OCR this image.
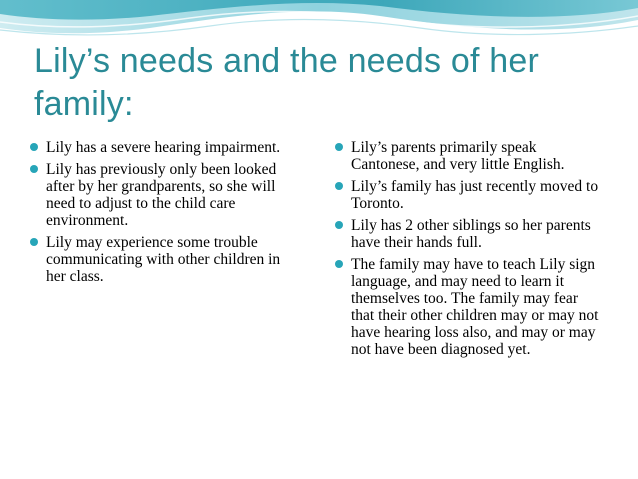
Lily’s needs and the needs of her family:
Lily has a severe hearing impairment.
Lily has previously only been looked after by her grandparents, so she will need to adjust to the child care environment.
Lily may experience some trouble communicating with other children in her class.
Lily’s parents primarily speak Cantonese, and very little English.
Lily’s family has just recently moved to Toronto.
Lily has 2 other siblings so her parents have their hands full.
The family may have to teach Lily sign language, and may need to learn it themselves too. The family may fear that their other children may or may not have hearing loss also, and may or may not have been diagnosed yet.
